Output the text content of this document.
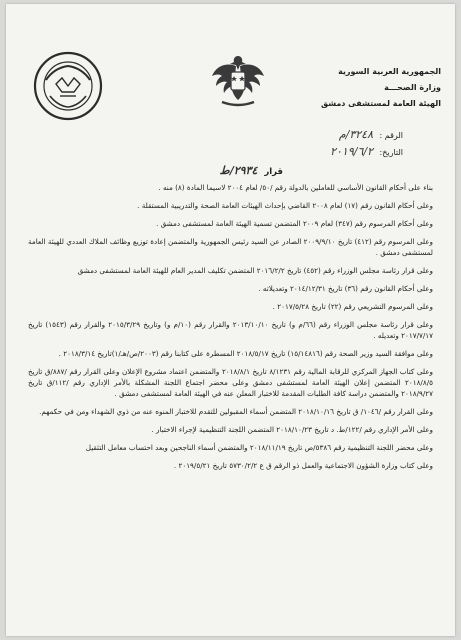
الجمهورية العربية السورية
وزارة الصحـــة
الهيئة العامة لمستشفى دمشق
الرقم : ٣٢٤٨/م
التاريخ: ٢٠١٩/٦/٢
قرار ٢٩٣٤/ط

بناء على أحكام القانون الأساسي للعاملين بالدولة رقم /٥٠/ لعام ٢٠٠٤ لاسيما المادة (٨) منه .

وعلى أحكام القانون رقم (١٧) لعام ٢٠٠٨ القاضي بإحداث الهيئات العامة الصحة والتدريبية المستقلة .

وعلى أحكام المرسوم رقم (٣٤٧) لعام ٢٠٠٩ المتضمن تسمية الهيئة العامة لمستشفى دمشق .

وعلى المرسوم رقم (٤١٢) تاريخ ٢٠٠٩/٩/١٠ الصادر عن السيد رئيس الجمهورية والمتضمن إعادة توزيع وظائف الملاك العددي للهيئة العامة لمستشفى دمشق .

وعلى قرار رئاسة مجلس الوزراء رقم (٤٥٢) تاريخ ٢٠١٦/٢/٢ المتضمن تكليف المدير العام للهيئة العامة لمستشفى دمشق

وعلى أحكام القانون رقم (٣٦) تاريخ ٢٠١٤/١٢/٣١ وتعديلاته .

وعلى المرسوم التشريعي رقم (٢٢) تاريخ ٢٠١٧/٥/٢٨ .

وعلى قرار رئاسة مجلس الوزراء رقم (٦٦/م و) تاريخ ٢٠١٣/١٠/١٠ والقرار رقم (١٠/م و) وتاريخ ٢٠١٥/٣/٢٩ والقرار رقم (١٥٤٣) تاريخ ٢٠١٧/٧/١٧ وتعديله .

وعلى موافقة السيد وزير الصحة رقم (١٥/١٤٨١٦) تاريخ ٢٠١٨/٥/١٧ المسطرة على كتابنا رقم (٢٠٠٣/ص/هـ/١)تاريخ ٢٠١٨/٣/١٤ .

وعلى كتاب الجهاز المركزي للرقابة المالية رقم ٨/١٢٣١ تاريخ ٢٠١٨/٨/١ والمتضمن اعتماد مشروع الإعلان وعلى القرار رقم /٨٨٧/ق تاريخ ٢٠١٨/٨/٥ المتضمن إعلان الهيئة العامة لمستشفى دمشق وعلى محضر اجتماع اللجنة المشكلة بالأمر الإداري رقم /١١٢/ق تاريخ ٢٠١٨/٩/٢٧ والمتضمن دراسة كافة الطلبات المقدمة للاختبار المعلن عنه في الهيئة العامة لمستشفى دمشق .

وعلى القرار رقم /١٠٤٦/ ق تاريخ ٢٠١٨/١٠/١٦ المتضمن أسماء المقبولين للتقدم للاختبار المنوه عنه من ذوي الشهداء ومن في حكمهم.

وعلى الأمر الإداري رقم /١٢٢/ط. د تاريخ ٢٠١٨/١٠/٢٣ المتضمن اللجنة التنظيمية لإجراء الاختبار .

وعلى محضر اللجنة التنظيمية رقم ٥٣٨٦/ص تاريخ ٢٠١٨/١١/١٩ والمتضمن أسماء الناجحين وبعد احتساب معامل التثقيل

وعلى كتاب وزارة الشؤون الاجتماعية والعمل ذو الرقم ق ع ٥٧٣٠/٢/٢ تاريخ ٢٠١٩/٥/٢١ .
